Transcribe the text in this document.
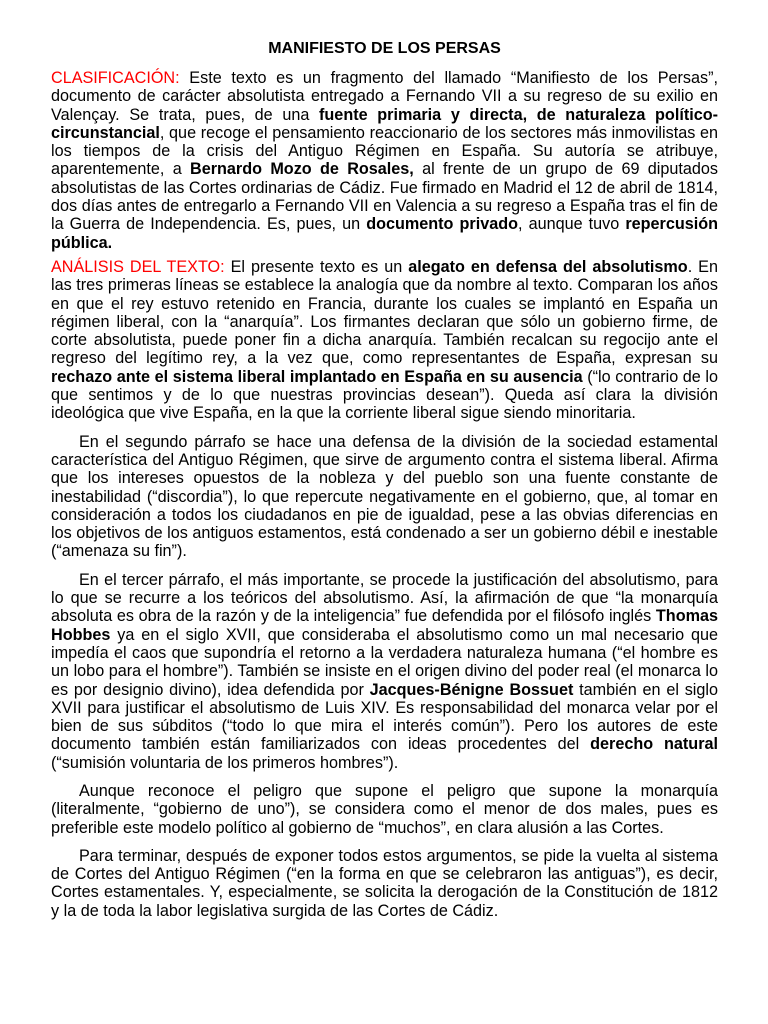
MANIFIESTO DE LOS PERSAS

CLASIFICACIÓN: Este texto es un fragmento del llamado “Manifiesto de los Persas”, documento de carácter absolutista entregado a Fernando VII a su regreso de su exilio en Valençay. Se trata, pues, de una fuente primaria y directa, de naturaleza político-circunstancial, que recoge el pensamiento reaccionario de los sectores más inmovilistas en los tiempos de la crisis del Antiguo Régimen en España. Su autoría se atribuye, aparentemente, a Bernardo Mozo de Rosales, al frente de un grupo de 69 diputados absolutistas de las Cortes ordinarias de Cádiz. Fue firmado en Madrid el 12 de abril de 1814, dos días antes de entregarlo a Fernando VII en Valencia a su regreso a España tras el fin de la Guerra de Independencia. Es, pues, un documento privado, aunque tuvo repercusión pública.

ANÁLISIS DEL TEXTO: El presente texto es un alegato en defensa del absolutismo. En las tres primeras líneas se establece la analogía que da nombre al texto. Comparan los años en que el rey estuvo retenido en Francia, durante los cuales se implantó en España un régimen liberal, con la “anarquía”. Los firmantes declaran que sólo un gobierno firme, de corte absolutista, puede poner fin a dicha anarquía. También recalcan su regocijo ante el regreso del legítimo rey, a la vez que, como representantes de España, expresan su rechazo ante el sistema liberal implantado en España en su ausencia (“lo contrario de lo que sentimos y de lo que nuestras provincias desean”). Queda así clara la división ideológica que vive España, en la que la corriente liberal sigue siendo minoritaria.

En el segundo párrafo se hace una defensa de la división de la sociedad estamental característica del Antiguo Régimen, que sirve de argumento contra el sistema liberal. Afirma que los intereses opuestos de la nobleza y del pueblo son una fuente constante de inestabilidad (“discordia”), lo que repercute negativamente en el gobierno, que, al tomar en consideración a todos los ciudadanos en pie de igualdad, pese a las obvias diferencias en los objetivos de los antiguos estamentos, está condenado a ser un gobierno débil e inestable (“amenaza su fin”).

En el tercer párrafo, el más importante, se procede la justificación del absolutismo, para lo que se recurre a los teóricos del absolutismo. Así, la afirmación de que “la monarquía absoluta es obra de la razón y de la inteligencia” fue defendida por el filósofo inglés Thomas Hobbes ya en el siglo XVII, que consideraba el absolutismo como un mal necesario que impedía el caos que supondría el retorno a la verdadera naturaleza humana (“el hombre es un lobo para el hombre”). También se insiste en el origen divino del poder real (el monarca lo es por designio divino), idea defendida por Jacques-Bénigne Bossuet también en el siglo XVII para justificar el absolutismo de Luis XIV. Es responsabilidad del monarca velar por el bien de sus súbditos (“todo lo que mira el interés común”). Pero los autores de este documento también están familiarizados con ideas procedentes del derecho natural (“sumisión voluntaria de los primeros hombres”).

Aunque reconoce el peligro que supone el peligro que supone la monarquía (literalmente, “gobierno de uno”), se considera como el menor de dos males, pues es preferible este modelo político al gobierno de “muchos”, en clara alusión a las Cortes.

Para terminar, después de exponer todos estos argumentos, se pide la vuelta al sistema de Cortes del Antiguo Régimen (“en la forma en que se celebraron las antiguas”), es decir, Cortes estamentales. Y, especialmente, se solicita la derogación de la Constitución de 1812 y la de toda la labor legislativa surgida de las Cortes de Cádiz.
